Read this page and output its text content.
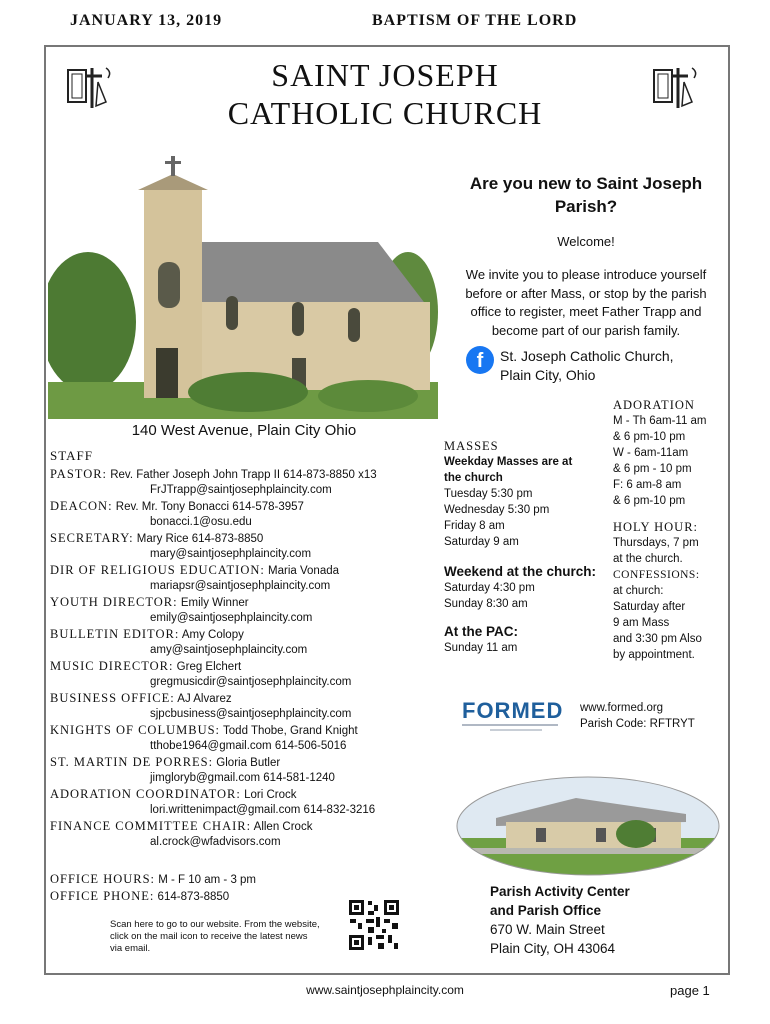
JANUARY 13, 2019	BAPTISM OF THE LORD
SAINT JOSEPH
CATHOLIC CHURCH
140 West Avenue, Plain City Ohio
Are you new to Saint Joseph Parish?
Welcome!
We invite you to please introduce yourself before or after Mass, or stop by the parish office to register, meet Father Trapp and become part of our parish family.
f	St. Joseph Catholic Church,
Plain City, Ohio
STAFF
PASTOR: Rev. Father Joseph John Trapp II 614-873-8850 x13
FrJTrapp@saintjosephplaincity.com
DEACON: Rev. Mr. Tony Bonacci 614-578-3957
bonacci.1@osu.edu
SECRETARY: Mary Rice 614-873-8850
mary@saintjosephplaincity.com
DIR OF RELIGIOUS EDUCATION: Maria Vonada
mariapsr@saintjosephplaincity.com
YOUTH DIRECTOR: Emily Winner
emily@saintjosephplaincity.com
BULLETIN EDITOR: Amy Colopy
amy@saintjosephplaincity.com
MUSIC DIRECTOR: Greg Elchert
gregmusicdir@saintjosephplaincity.com
BUSINESS OFFICE: AJ Alvarez
sjpcbusiness@saintjosephplaincity.com
KNIGHTS OF COLUMBUS: Todd Thobe, Grand Knight
tthobe1964@gmail.com 614-506-5016
ST. MARTIN DE PORRES: Gloria Butler
jimgloryb@gmail.com 614-581-1240
ADORATION COORDINATOR: Lori Crock
lori.writtenimpact@gmail.com 614-832-3216
FINANCE COMMITTEE CHAIR: Allen Crock
al.crock@wfadvisors.com
OFFICE HOURS: M - F 10 am - 3 pm
OFFICE PHONE: 614-873-8850
Scan here to go to our website. From the website, click on the mail icon to receive the latest news via email.
MASSES
Weekday Masses are at the church
Tuesday 5:30 pm
Wednesday 5:30 pm
Friday 8 am
Saturday 9 am
Weekend at the church:
Saturday 4:30 pm
Sunday 8:30 am
At the PAC:
Sunday 11 am
ADORATION
M - Th 6am-11 am
& 6 pm-10 pm
W - 6am-11am
& 6 pm - 10 pm
F: 6 am-8 am
& 6 pm-10 pm
HOLY HOUR:
Thursdays, 7 pm
at the church.
CONFESSIONS:
at church:
Saturday after
9 am Mass
and 3:30 pm Also
by appointment.
FORMED www.formed.org
Parish Code: RFTRYT
Parish Activity Center
and Parish Office
670 W. Main Street
Plain City, OH 43064
www.saintjosephplaincity.com	page 1
